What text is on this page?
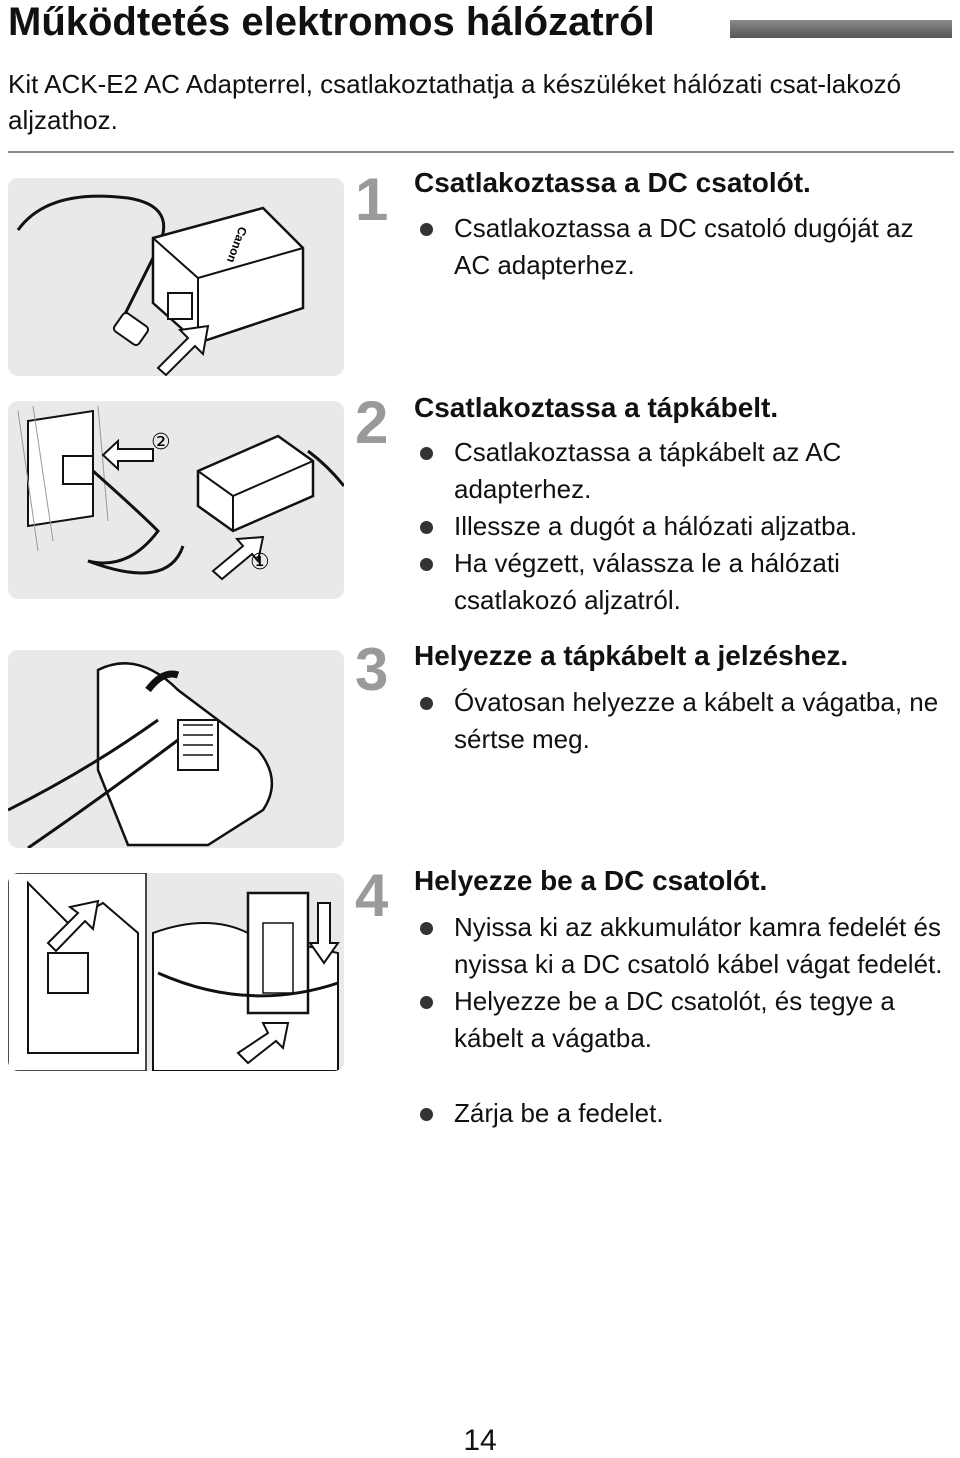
Működtetés elektromos hálózatról
Kit ACK-E2 AC Adapterrel, csatlakoztathatja a készüléket hálózati csat-lakozó aljzathoz.
Canon
②
①
1 Csatlakoztassa a DC csatolót.
Csatlakoztassa a DC csatoló dugóját az AC adapterhez.
2 Csatlakoztassa a tápkábelt.
Csatlakoztassa a tápkábelt az AC adapterhez.
Illessze a dugót a hálózati aljzatba.
Ha végzett, válassza le a hálózati csatlakozó aljzatról.
3 Helyezze a tápkábelt a jelzéshez.
Óvatosan helyezze a kábelt a vágatba, ne sértse meg.
4 Helyezze be a DC csatolót.
Nyissa ki az akkumulátor kamra fedelét és nyissa ki a DC csatoló kábel vágat fedelét.
Helyezze be a DC csatolót, és tegye a kábelt a vágatba.
Zárja be a fedelet.
14
